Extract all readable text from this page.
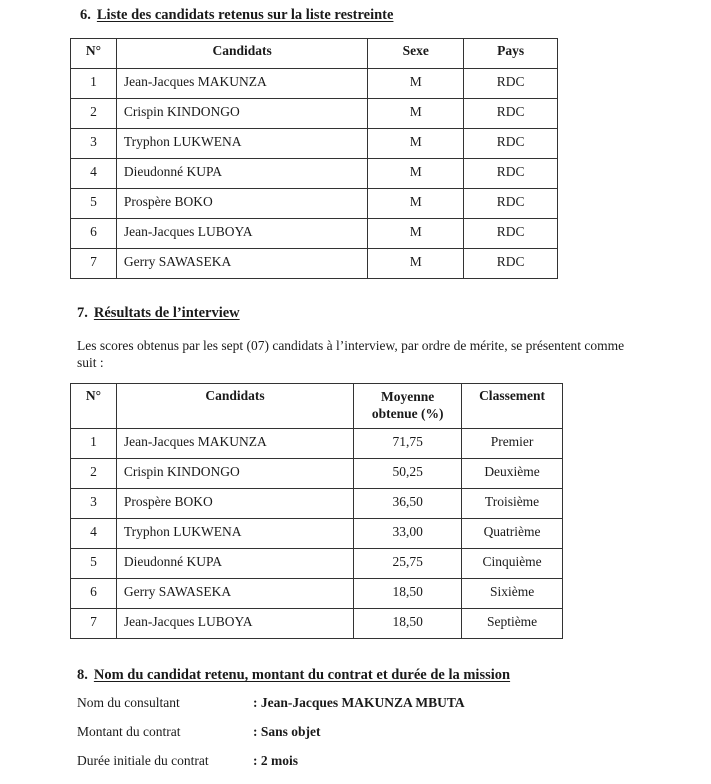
6. Liste des candidats retenus sur la liste restreinte
N°	Candidats	Sexe	Pays
1	Jean-Jacques MAKUNZA	M	RDC
2	Crispin KINDONGO	M	RDC
3	Tryphon LUKWENA	M	RDC
4	Dieudonné KUPA	M	RDC
5	Prospère BOKO	M	RDC
6	Jean-Jacques LUBOYA	M	RDC
7	Gerry SAWASEKA	M	RDC
7. Résultats de l’interview
Les scores obtenus par les sept (07) candidats à l’interview, par ordre de mérite, se présentent comme suit :
N°	Candidats	Moyenne obtenue (%)	Classement
1	Jean-Jacques MAKUNZA	71,75	Premier
2	Crispin KINDONGO	50,25	Deuxième
3	Prospère BOKO	36,50	Troisième
4	Tryphon LUKWENA	33,00	Quatrième
5	Dieudonné KUPA	25,75	Cinquième
6	Gerry SAWASEKA	18,50	Sixième
7	Jean-Jacques LUBOYA	18,50	Septième
8. Nom du candidat retenu, montant du contrat et durée de la mission
Nom du consultant	: Jean-Jacques MAKUNZA MBUTA
Montant du contrat	: Sans objet
Durée initiale du contrat	: 2 mois
